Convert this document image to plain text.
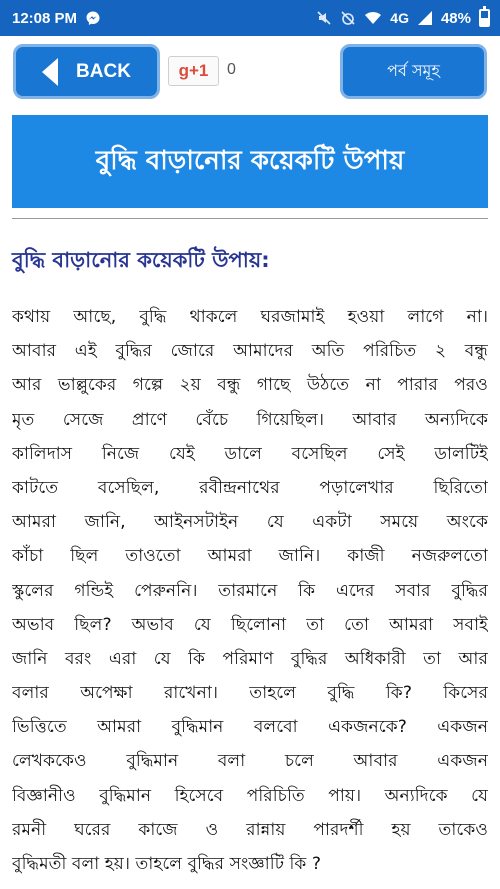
12:08 PM	4G 48%
BACK	g+1 0	পর্ব সমূহ
বুদ্ধি বাড়ানোর কয়েকটি উপায়
বুদ্ধি বাড়ানোর কয়েকটি উপায়:
কথায় আছে, বুদ্ধি থাকলে ঘরজামাই হওয়া লাগে না।
আবার এই বুদ্ধির জোরে আমাদের অতি পরিচিত ২ বন্ধু
আর ভাল্লুকের গল্পে ২য় বন্ধু গাছে উঠতে না পারার পরও
মৃত সেজে প্রাণে বেঁচে গিয়েছিল। আবার অন্যদিকে
কালিদাস নিজে যেই ডালে বসেছিল সেই ডালটিই
কাটতে বসেছিল, রবীন্দ্রনাথের পড়ালেখার ছিরিতো
আমরা জানি, আইনসটাইন যে একটা সময়ে অংকে
কাঁচা ছিল তাওতো আমরা জানি। কাজী নজরুলতো
স্কুলের গন্ডিই পেরুননি। তারমানে কি এদের সবার বুদ্ধির
অভাব ছিল? অভাব যে ছিলোনা তা তো আমরা সবাই
জানি বরং এরা যে কি পরিমাণ বুদ্ধির অধিকারী তা আর
বলার অপেক্ষা রাখেনা। তাহলে বুদ্ধি কি? কিসের
ভিত্তিতে আমরা বুদ্ধিমান বলবো একজনকে? একজন
লেখককেও বুদ্ধিমান বলা চলে আবার একজন
বিজ্ঞানীও বুদ্ধিমান হিসেবে পরিচিতি পায়। অন্যদিকে যে
রমনী ঘরের কাজে ও রান্নায় পারদর্শী হয় তাকেও
বুদ্ধিমতী বলা হয়। তাহলে বুদ্ধির সংজ্ঞাটি কি ?
